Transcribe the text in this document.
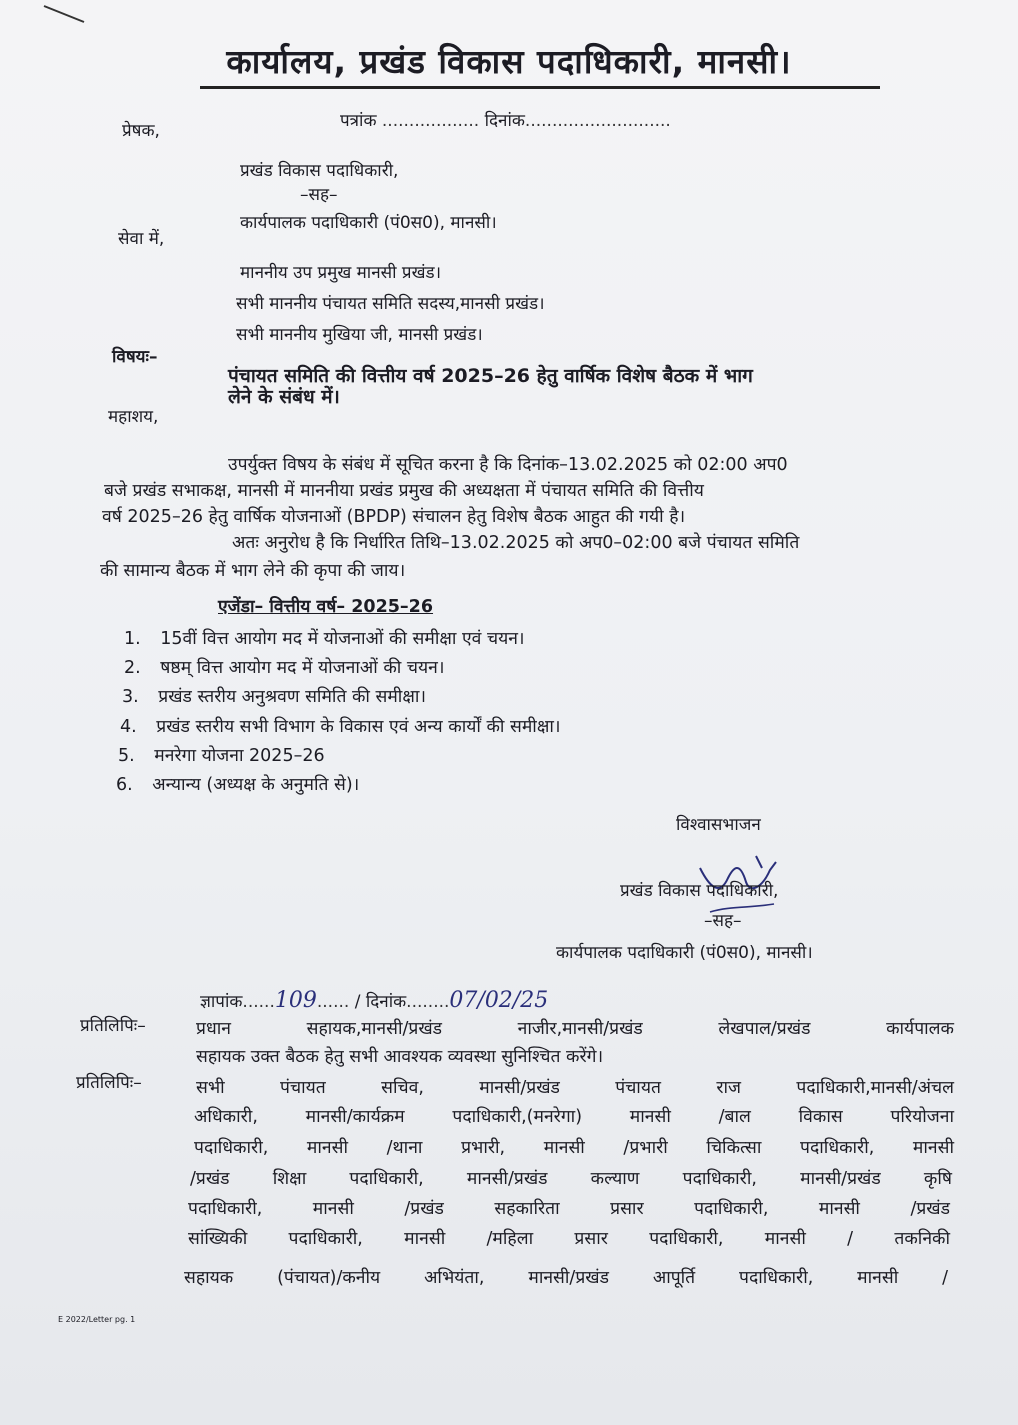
कार्यालय, प्रखंड विकास पदाधिकारी, मानसी।
पत्रांक .................. दिनांक...........................
प्रेषक,
प्रखंड विकास पदाधिकारी,
–सह–
कार्यपालक पदाधिकारी (पं0स0), मानसी।
सेवा में,
माननीय उप प्रमुख मानसी प्रखंड।
सभी माननीय पंचायत समिति सदस्य,मानसी प्रखंड।
सभी माननीय मुखिया जी, मानसी प्रखंड।
विषयः–
पंचायत समिति की वित्तीय वर्ष 2025–26 हेतु वार्षिक विशेष बैठक में भाग
लेने के संबंध में।
महाशय,
उपर्युक्त विषय के संबंध में सूचित करना है कि दिनांक–13.02.2025 को 02:00 अप0
बजे प्रखंड सभाकक्ष, मानसी में माननीया प्रखंड प्रमुख की अध्यक्षता में पंचायत समिति की वित्तीय
वर्ष 2025–26 हेतु वार्षिक योजनाओं (BPDP) संचालन हेतु विशेष बैठक आहुत की गयी है।
अतः अनुरोध है कि निर्धारित तिथि–13.02.2025 को अप0–02:00 बजे पंचायत समिति
की सामान्य बैठक में भाग लेने की कृपा की जाय।
एजेंडा– वित्तीय वर्ष– 2025–26
1. 15वीं वित्त आयोग मद में योजनाओं की समीक्षा एवं चयन।
2. षष्ठम् वित्त आयोग मद में योजनाओं की चयन।
3. प्रखंड स्तरीय अनुश्रवण समिति की समीक्षा।
4. प्रखंड स्तरीय सभी विभाग के विकास एवं अन्य कार्यों की समीक्षा।
5. मनरेगा योजना 2025–26
6. अन्यान्य (अध्यक्ष के अनुमति से)।
विश्वासभाजन
प्रखंड विकास पदाधिकारी,
–सह–
कार्यपालक पदाधिकारी (पं0स0), मानसी।
ज्ञापांक......109...... / दिनांक........07/02/25
प्रतिलिपिः–	प्रधान सहायक,मानसी/प्रखंड नाजीर,मानसी/प्रखंड लेखपाल/प्रखंड कार्यपालक
सहायक उक्त बैठक हेतु सभी आवश्यक व्यवस्था सुनिश्चित करेंगे।
प्रतिलिपिः–	सभी पंचायत सचिव, मानसी/प्रखंड पंचायत राज पदाधिकारी,मानसी/अंचल
अधिकारी, मानसी/कार्यक्रम पदाधिकारी,(मनरेगा) मानसी /बाल विकास परियोजना
पदाधिकारी, मानसी /थाना प्रभारी, मानसी /प्रभारी चिकित्सा पदाधिकारी, मानसी
/प्रखंड शिक्षा पदाधिकारी, मानसी/प्रखंड कल्याण पदाधिकारी, मानसी/प्रखंड कृषि
पदाधिकारी, मानसी /प्रखंड सहकारिता प्रसार पदाधिकारी, मानसी /प्रखंड
सांख्यिकी पदाधिकारी, मानसी /महिला प्रसार पदाधिकारी, मानसी / तकनिकी
सहायक (पंचायत)/कनीय अभियंता, मानसी/प्रखंड आपूर्ति पदाधिकारी, मानसी /
E 2022/Letter pg. 1
